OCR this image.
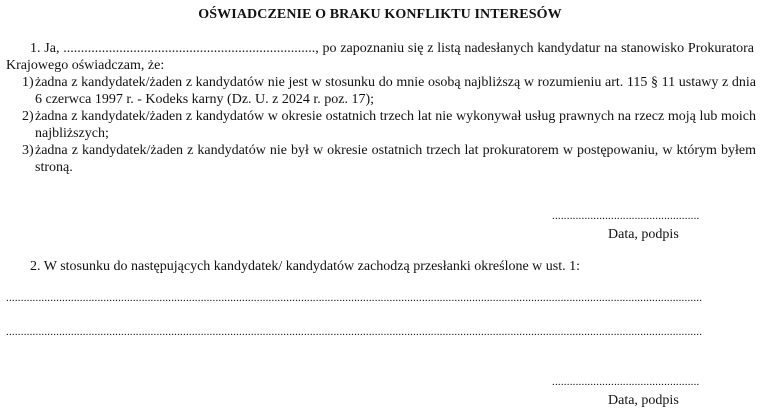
OŚWIADCZENIE O BRAKU KONFLIKTU INTERESÓW
1. Ja, ........................................................................, po zapoznaniu się z listą nadesłanych kandydatur na stanowisko Prokuratora Krajowego oświadczam, że:
1)żadna z kandydatek/żaden z kandydatów nie jest w stosunku do mnie osobą najbliższą w rozumieniu art. 115 § 11 ustawy z dnia 6 czerwca 1997 r. - Kodeks karny (Dz. U. z 2024 r. poz. 17);
2)żadna z kandydatek/żaden z kandydatów w okresie ostatnich trzech lat nie wykonywał usług prawnych na rzecz moją lub moich najbliższych;
3)żadna z kandydatek/żaden z kandydatów nie był w okresie ostatnich trzech lat prokuratorem w postępowaniu, w którym byłem stroną.
..................................................
Data, podpis
2. W stosunku do następujących kandydatek/ kandydatów zachodzą przesłanki określone w ust. 1:
............................................................................................................................................................................................................................................
............................................................................................................................................................................................................................................
..................................................
Data, podpis
